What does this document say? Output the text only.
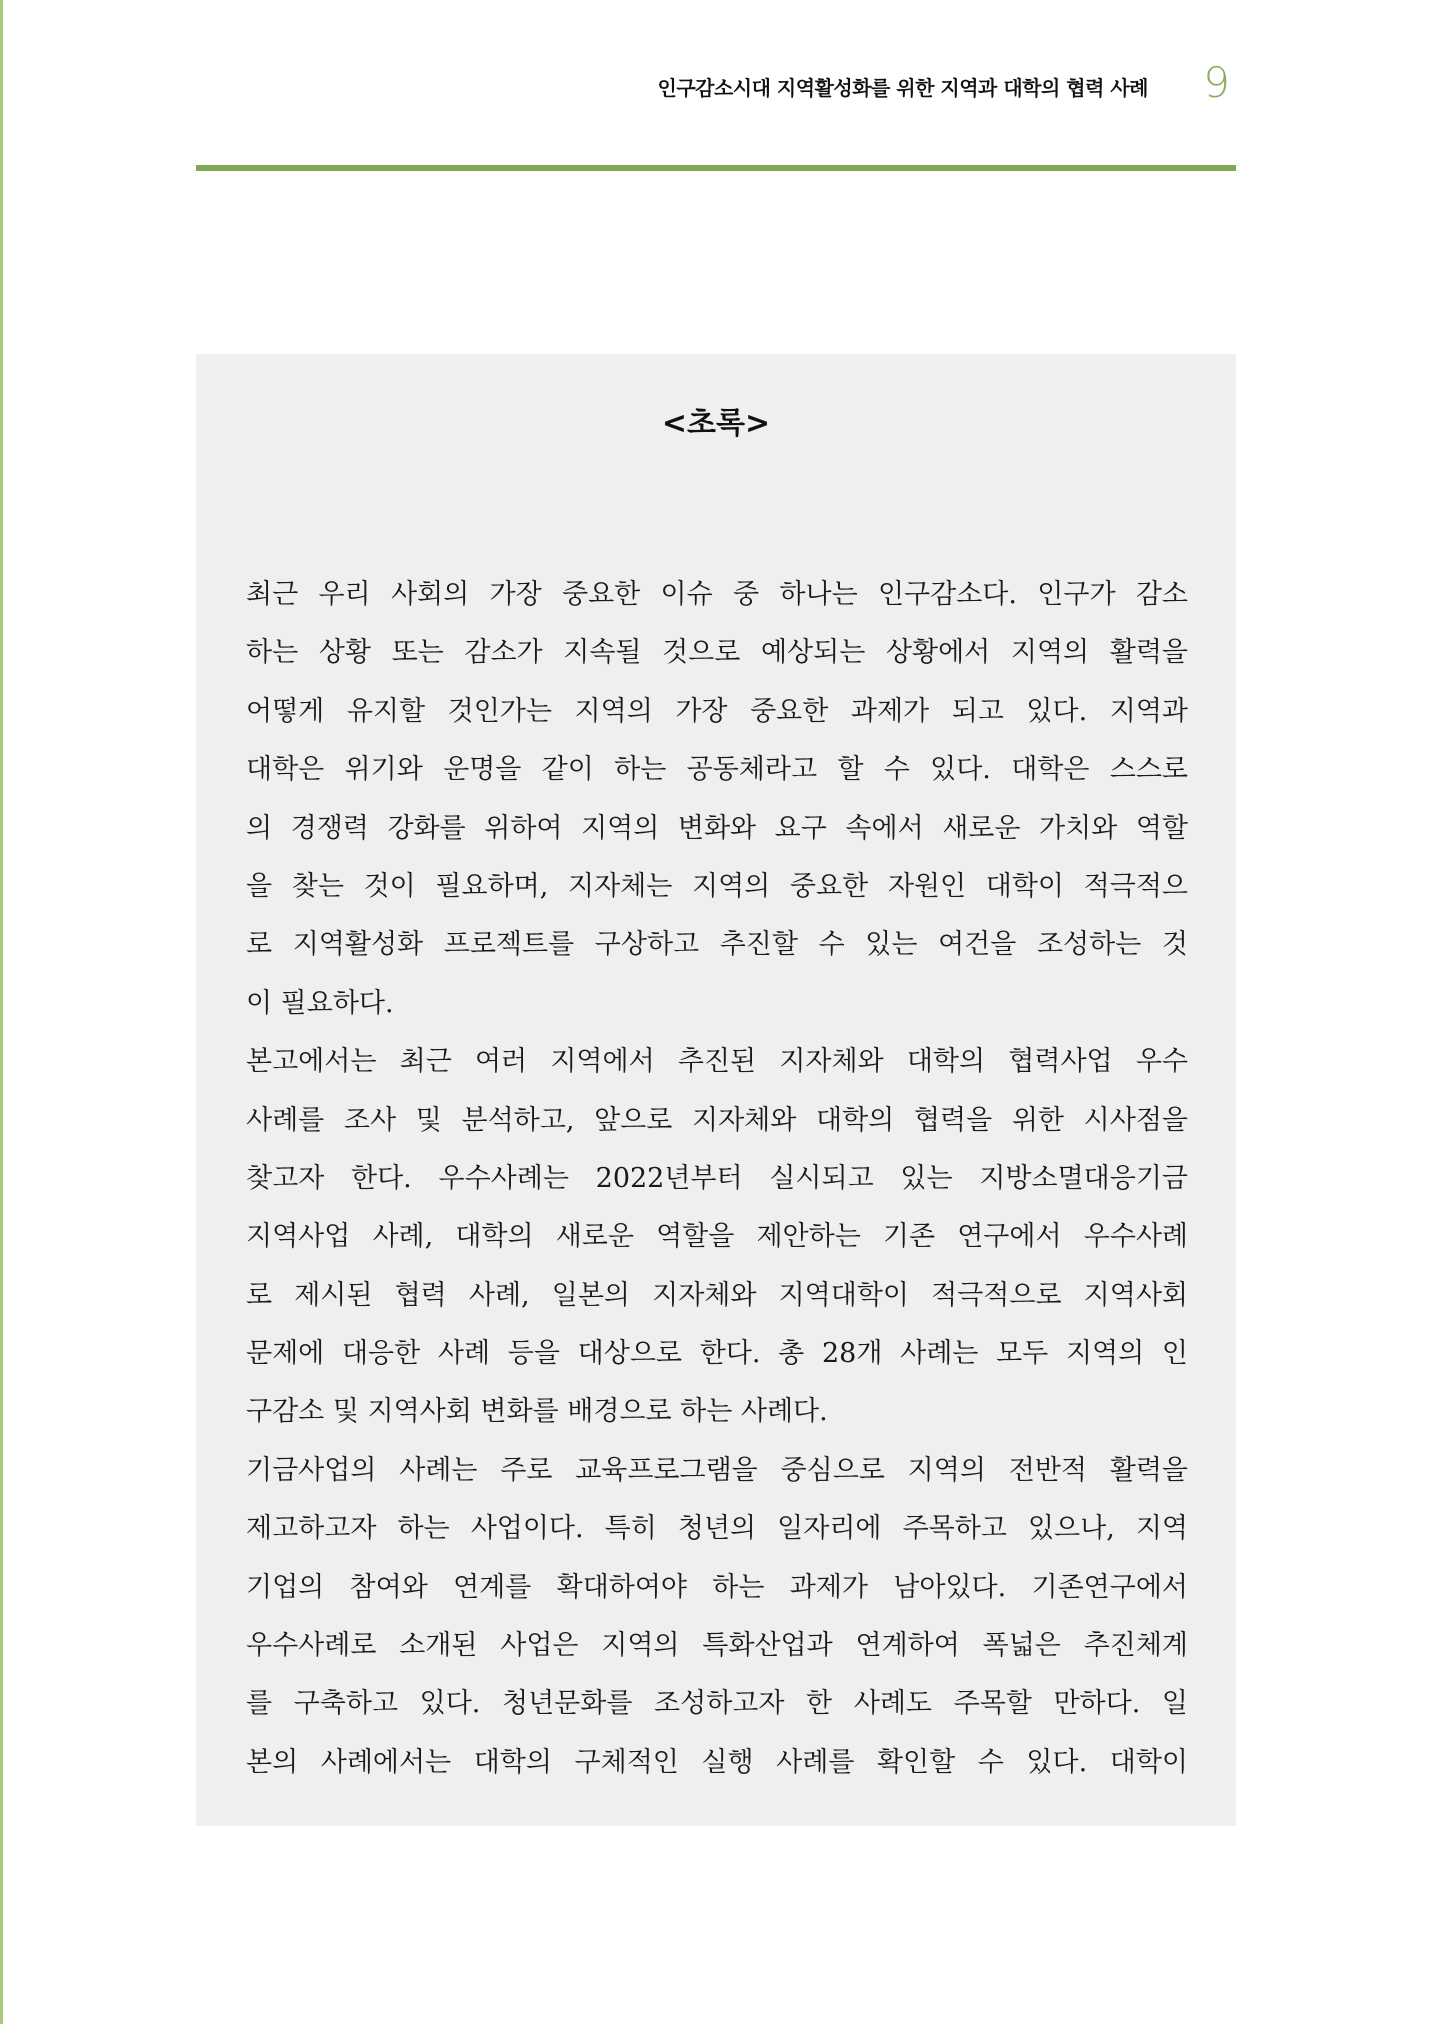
인구감소시대 지역활성화를 위한 지역과 대학의 협력 사례 9
<초록>
최근 우리 사회의 가장 중요한 이슈 중 하나는 인구감소다. 인구가 감소
하는 상황 또는 감소가 지속될 것으로 예상되는 상황에서 지역의 활력을
어떻게 유지할 것인가는 지역의 가장 중요한 과제가 되고 있다. 지역과
대학은 위기와 운명을 같이 하는 공동체라고 할 수 있다. 대학은 스스로
의 경쟁력 강화를 위하여 지역의 변화와 요구 속에서 새로운 가치와 역할
을 찾는 것이 필요하며, 지자체는 지역의 중요한 자원인 대학이 적극적으
로 지역활성화 프로젝트를 구상하고 추진할 수 있는 여건을 조성하는 것
이 필요하다.
본고에서는 최근 여러 지역에서 추진된 지자체와 대학의 협력사업 우수
사례를 조사 및 분석하고, 앞으로 지자체와 대학의 협력을 위한 시사점을
찾고자 한다. 우수사례는 2022년부터 실시되고 있는 지방소멸대응기금
지역사업 사례, 대학의 새로운 역할을 제안하는 기존 연구에서 우수사례
로 제시된 협력 사례, 일본의 지자체와 지역대학이 적극적으로 지역사회
문제에 대응한 사례 등을 대상으로 한다. 총 28개 사례는 모두 지역의 인
구감소 및 지역사회 변화를 배경으로 하는 사례다.
기금사업의 사례는 주로 교육프로그램을 중심으로 지역의 전반적 활력을
제고하고자 하는 사업이다. 특히 청년의 일자리에 주목하고 있으나, 지역
기업의 참여와 연계를 확대하여야 하는 과제가 남아있다. 기존연구에서
우수사례로 소개된 사업은 지역의 특화산업과 연계하여 폭넓은 추진체계
를 구축하고 있다. 청년문화를 조성하고자 한 사례도 주목할 만하다. 일
본의 사례에서는 대학의 구체적인 실행 사례를 확인할 수 있다. 대학이
